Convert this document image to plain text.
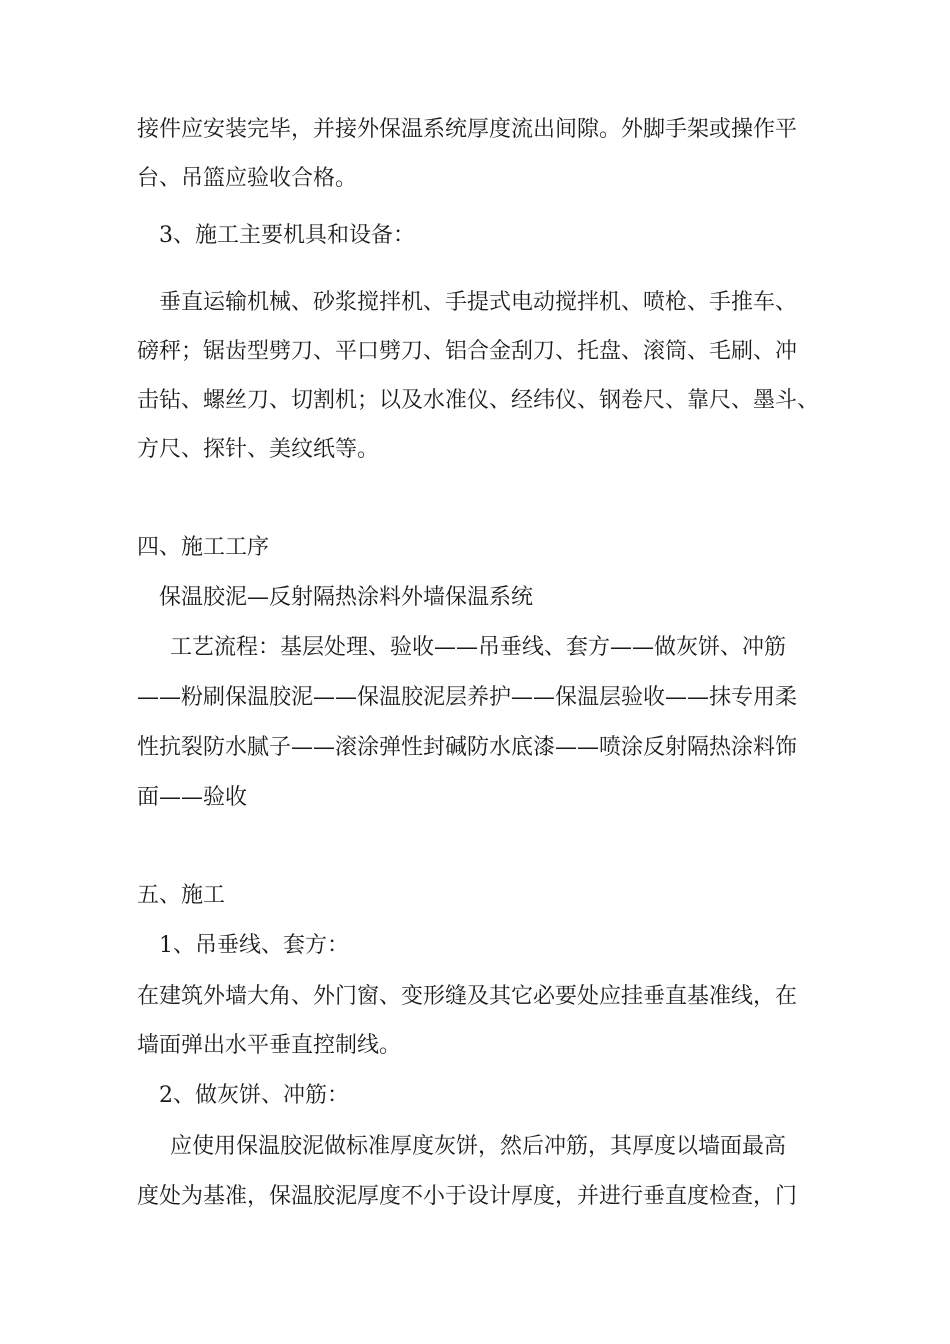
接件应安装完毕，并接外保温系统厚度流出间隙。外脚手架或操作平
台、吊篮应验收合格。
3、施工主要机具和设备：
垂直运输机械、砂浆搅拌机、手提式电动搅拌机、喷枪、手推车、
磅秤；锯齿型劈刀、平口劈刀、铝合金刮刀、托盘、滚筒、毛刷、冲
击钻、螺丝刀、切割机；以及水准仪、经纬仪、钢卷尺、靠尺、墨斗、
方尺、探针、美纹纸等。
四、施工工序
保温胶泥—反射隔热涂料外墙保温系统
工艺流程：基层处理、验收——吊垂线、套方——做灰饼、冲筋
——粉刷保温胶泥——保温胶泥层养护——保温层验收——抹专用柔
性抗裂防水腻子——滚涂弹性封碱防水底漆——喷涂反射隔热涂料饰
面——验收
五、施工
1、吊垂线、套方：
在建筑外墙大角、外门窗、变形缝及其它必要处应挂垂直基准线，在
墙面弹出水平垂直控制线。
2、做灰饼、冲筋：
应使用保温胶泥做标准厚度灰饼，然后冲筋，其厚度以墙面最高
度处为基准，保温胶泥厚度不小于设计厚度，并进行垂直度检查，门
